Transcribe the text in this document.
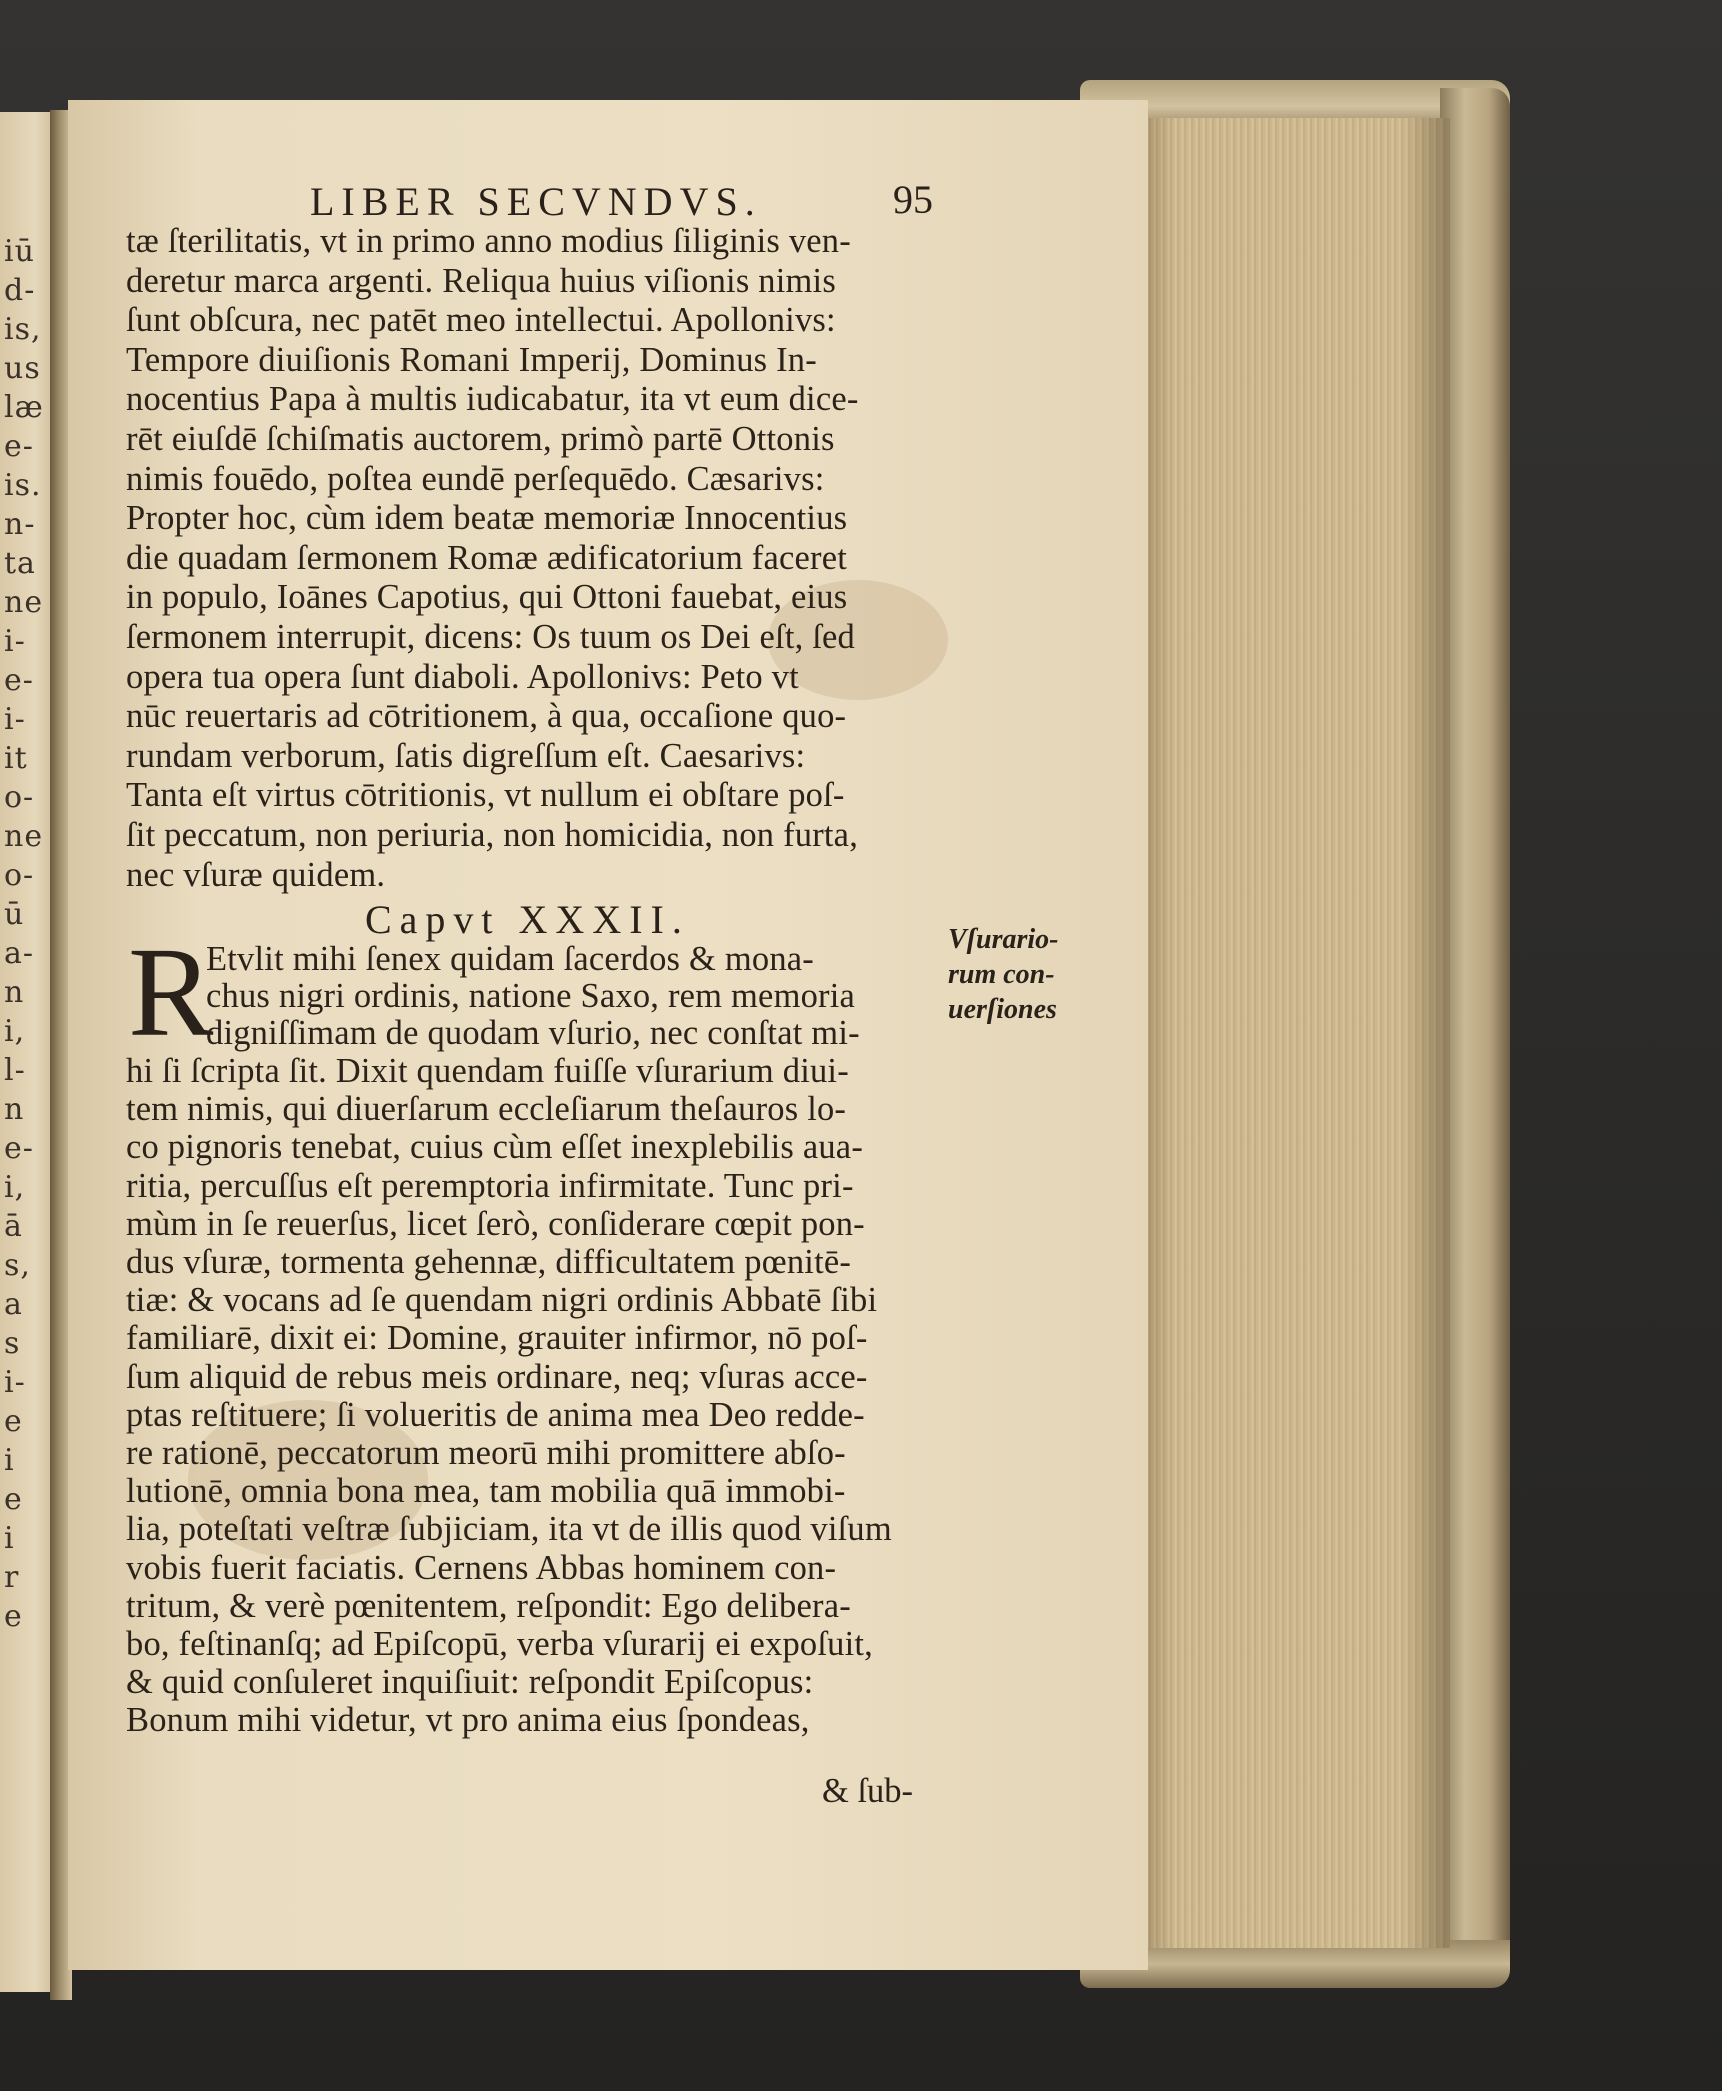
iū
d-
is,
us
læ
e-
is.
n-
ta
ne
i-
e-
i-
it
o-
ne
o-
ū
a-
n
i,
l-
n
e-
i,
ā
s,
a
s
i-
e
i
e
i
r
e
LIBER SECVNDVS.	95
tæ ſterilitatis, vt in primo anno modius ſiliginis ven-
deretur marca argenti. Reliqua huius viſionis nimis
ſunt obſcura, nec patēt meo intellectui. Apollonivs:
Tempore diuiſionis Romani Imperij, Dominus In-
nocentius Papa à multis iudicabatur, ita vt eum dice-
rēt eiuſdē ſchiſmatis auctorem, primò partē Ottonis
nimis fouēdo, poſtea eundē perſequēdo. Cæsarivs:
Propter hoc, cùm idem beatæ memoriæ Innocentius
die quadam ſermonem Romæ ædificatorium faceret
in populo, Ioānes Capotius, qui Ottoni fauebat, eius
ſermonem interrupit, dicens: Os tuum os Dei eſt, ſed
opera tua opera ſunt diaboli. Apollonivs: Peto vt
nūc reuertaris ad cōtritionem, à qua, occaſione quo-
rundam verborum, ſatis digreſſum eſt. Caesarivs:
Tanta eſt virtus cōtritionis, vt nullum ei obſtare poſ-
ſit peccatum, non periuria, non homicidia, non furta,
nec vſuræ quidem.
Capvt XXXII.
R
Etvlit mihi ſenex quidam ſacerdos & mona-
chus nigri ordinis, natione Saxo, rem memoria
digniſſimam de quodam vſurio, nec conſtat mi-
hi ſi ſcripta ſit. Dixit quendam fuiſſe vſurarium diui-
tem nimis, qui diuerſarum eccleſiarum theſauros lo-
co pignoris tenebat, cuius cùm eſſet inexplebilis aua-
ritia, percuſſus eſt peremptoria infirmitate. Tunc pri-
mùm in ſe reuerſus, licet ſerò, conſiderare cœpit pon-
dus vſuræ, tormenta gehennæ, difficultatem pœnitē-
tiæ: & vocans ad ſe quendam nigri ordinis Abbatē ſibi
familiarē, dixit ei: Domine, grauiter infirmor, nō poſ-
ſum aliquid de rebus meis ordinare, neq; vſuras acce-
ptas reſtituere; ſi volueritis de anima mea Deo redde-
re rationē, peccatorum meorū mihi promittere abſo-
lutionē, omnia bona mea, tam mobilia quā immobi-
lia, poteſtati veſtræ ſubjiciam, ita vt de illis quod viſum
vobis fuerit faciatis. Cernens Abbas hominem con-
tritum, & verè pœnitentem, reſpondit: Ego delibera-
bo, feſtinanſq; ad Epiſcopū, verba vſurarij ei expoſuit,
& quid conſuleret inquiſiuit: reſpondit Epiſcopus:
Bonum mihi videtur, vt pro anima eius ſpondeas,
Vſurario-
rum con-
uerſiones
& ſub-
